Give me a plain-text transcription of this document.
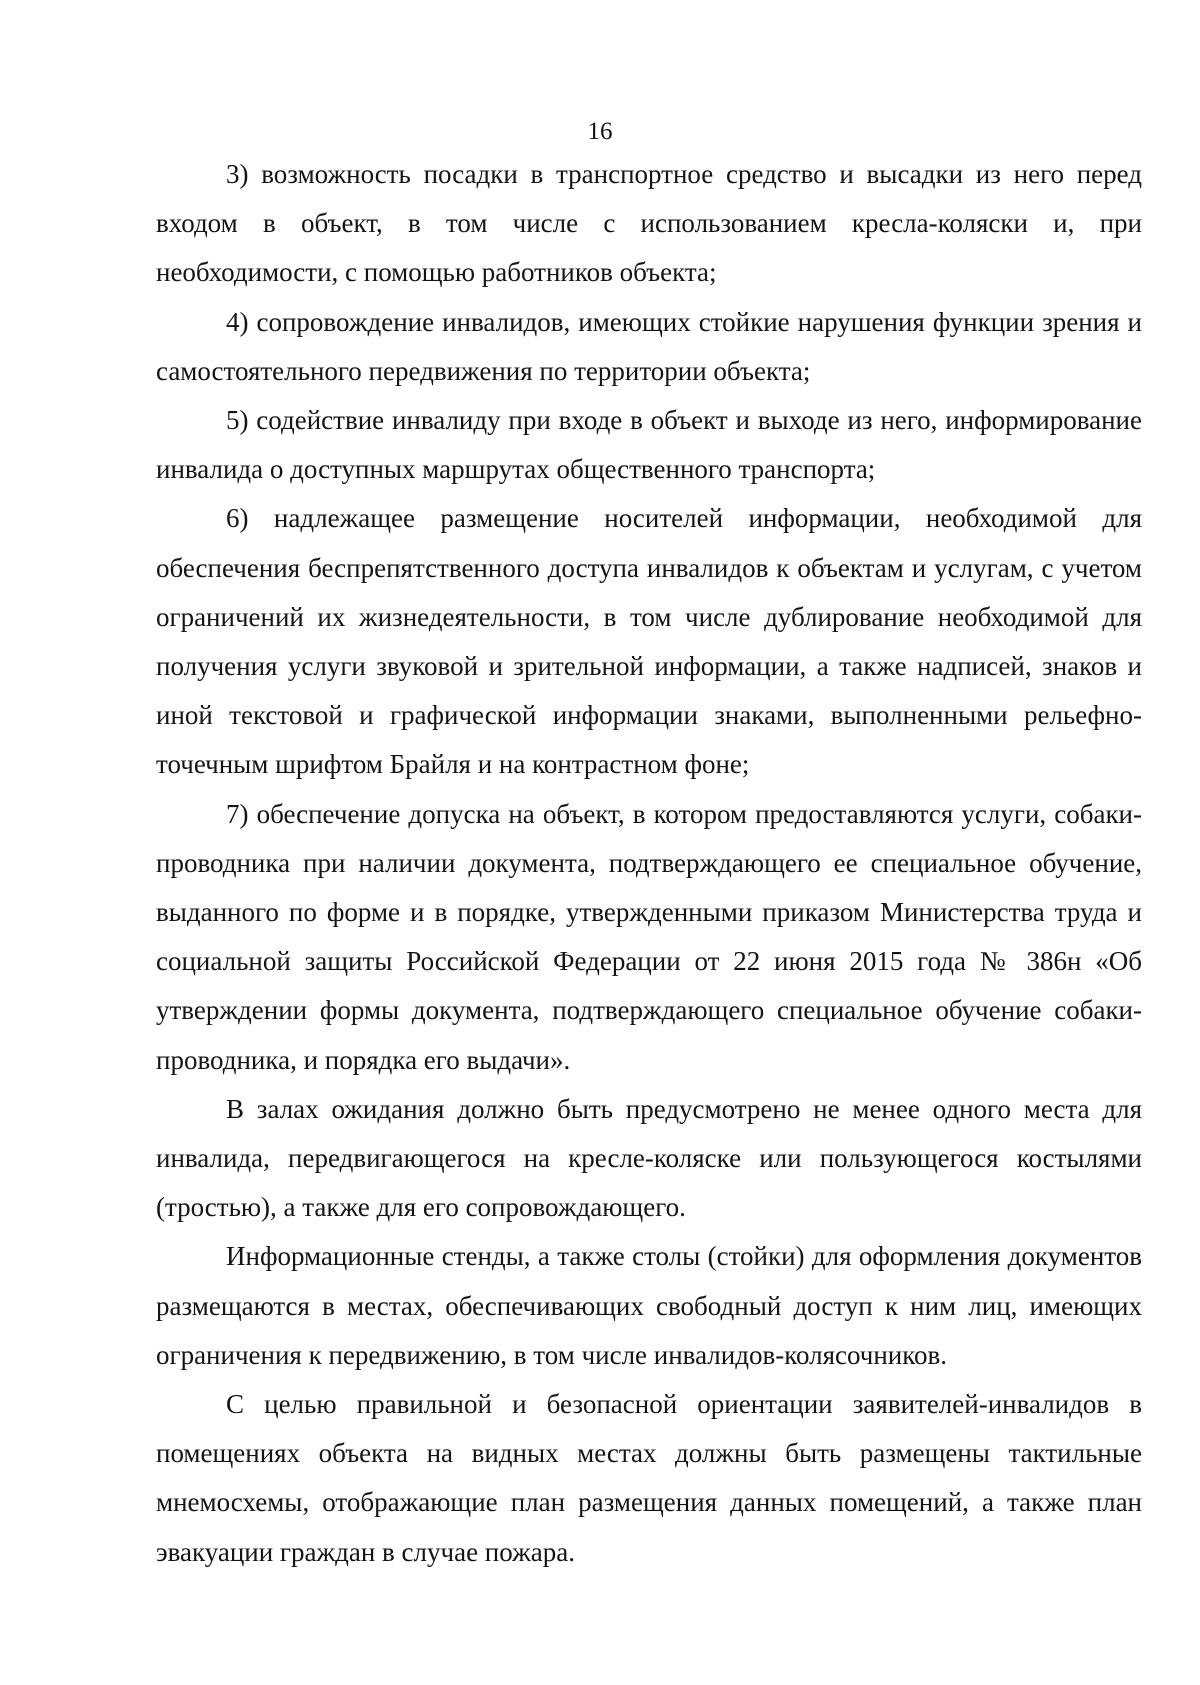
16

3) возможность посадки в транспортное средство и высадки из него перед входом в объект, в том числе с использованием кресла-коляски и, при необходимости, с помощью работников объекта;

4) сопровождение инвалидов, имеющих стойкие нарушения функции зрения и самостоятельного передвижения по территории объекта;

5) содействие инвалиду при входе в объект и выходе из него, информирование инвалида о доступных маршрутах общественного транспорта;

6) надлежащее размещение носителей информации, необходимой для обеспечения беспрепятственного доступа инвалидов к объектам и услугам, с учетом ограничений их жизнедеятельности, в том числе дублирование необходимой для получения услуги звуковой и зрительной информации, а также надписей, знаков и иной текстовой и графической информации знаками, выполненными рельефно-точечным шрифтом Брайля и на контрастном фоне;

7) обеспечение допуска на объект, в котором предоставляются услуги, собаки-проводника при наличии документа, подтверждающего ее специальное обучение, выданного по форме и в порядке, утвержденными приказом Министерства труда и социальной защиты Российской Федерации от 22 июня 2015 года № 386н «Об утверждении формы документа, подтверждающего специальное обучение собаки-проводника, и порядка его выдачи».

В залах ожидания должно быть предусмотрено не менее одного места для инвалида, передвигающегося на кресле-коляске или пользующегося костылями (тростью), а также для его сопровождающего.

Информационные стенды, а также столы (стойки) для оформления документов размещаются в местах, обеспечивающих свободный доступ к ним лиц, имеющих ограничения к передвижению, в том числе инвалидов-колясочников.

С целью правильной и безопасной ориентации заявителей-инвалидов в помещениях объекта на видных местах должны быть размещены тактильные мнемосхемы, отображающие план размещения данных помещений, а также план эвакуации граждан в случае пожара.
